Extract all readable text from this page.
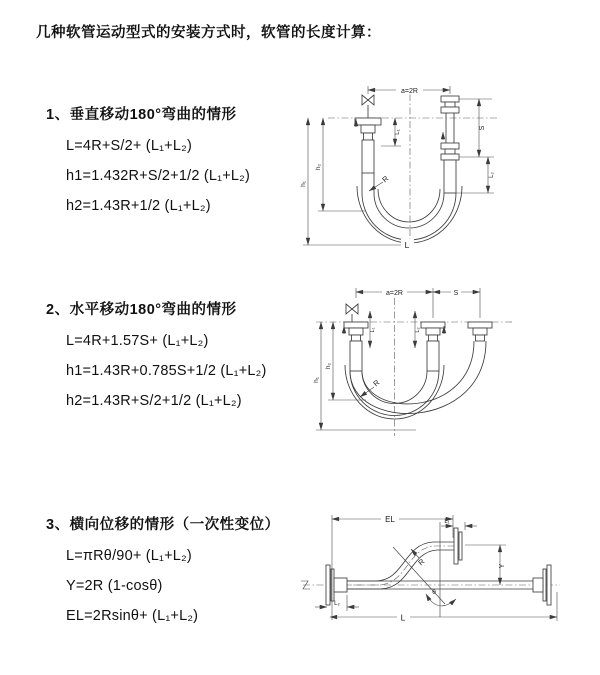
几种软管运动型式的安装方式时，软管的长度计算：
1、垂直移动180°弯曲的情形
L=4R+S/2+ (L₁+L₂)
h1=1.432R+S/2+1/2 (L₁+L₂)
h2=1.43R+1/2 (L₁+L₂)
2、水平移动180°弯曲的情形
L=4R+1.57S+ (L₁+L₂)
h1=1.43R+0.785S+1/2 (L₁+L₂)
h2=1.43R+S/2+1/2 (L₁+L₂)
3、横向位移的情形（一次性变位）
L=πRθ/90+ (L₁+L₂)
Y=2R (1-cosθ)
EL=2Rsinθ+ (L₁+L₂)
a=2R
S
L₂
h₁
h₂
L₁
R
L
a=2R	S
h₁
h₂
L₁	L₂
R
EL	L₁
Y
L
L₂
R
θ
